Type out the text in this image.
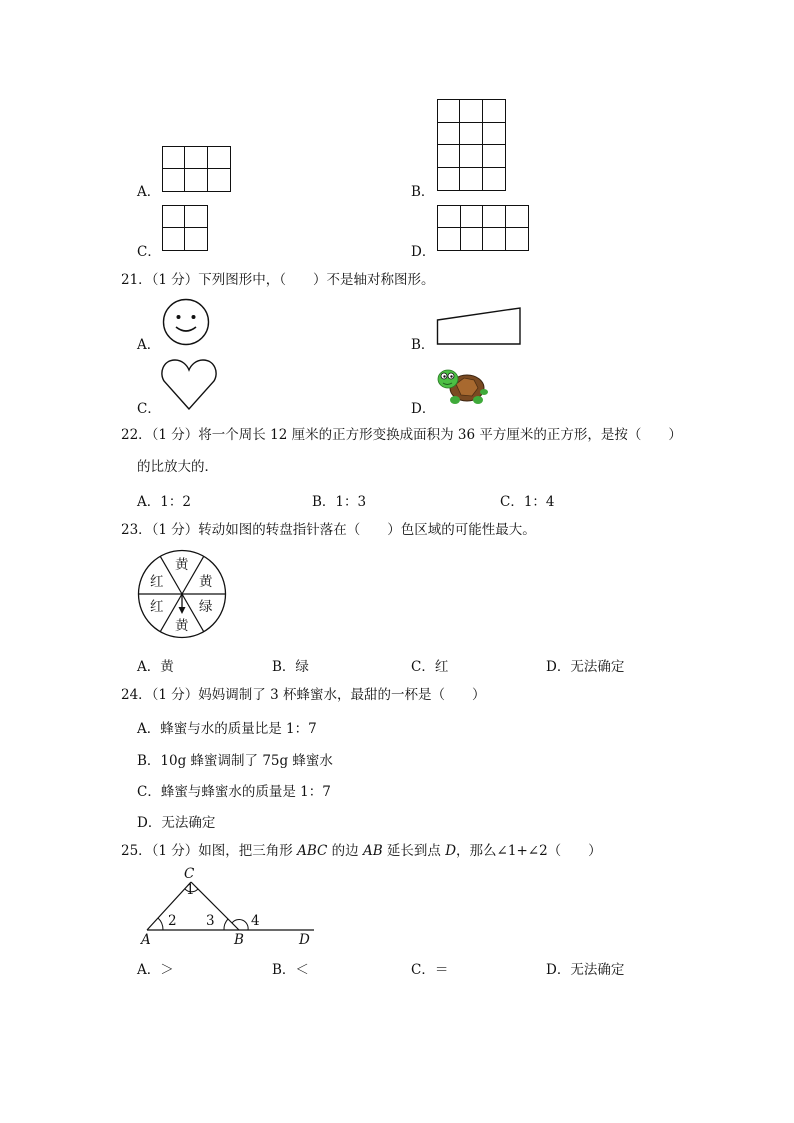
A．	B．
C．	D．
21．（1 分）下列图形中，（　　）不是轴对称图形。
A．	B．
C．	D．
22．（1 分）将一个周长 12 厘米的正方形变换成面积为 36 平方厘米的正方形，是按（　　）
的比放大的．
A．1：2	B．1：3	C．1：4
23．（1 分）转动如图的转盘指针落在（　　）色区域的可能性最大。
黄
黄
绿
黄
红
红
A．黄	B．绿	C．红	D．无法确定
24．（1 分）妈妈调制了 3 杯蜂蜜水，最甜的一杯是（　　）
A．蜂蜜与水的质量比是 1：7
B．10g 蜂蜜调制了 75g 蜂蜜水
C．蜂蜜与蜂蜜水的质量是 1：7
D．无法确定
25．（1 分）如图，把三角形 ABC 的边 AB 延长到点 D，那么∠1+∠2（　　）
C
1
2 3	4
A	B	D
A．＞	B．＜	C．＝	D．无法确定
